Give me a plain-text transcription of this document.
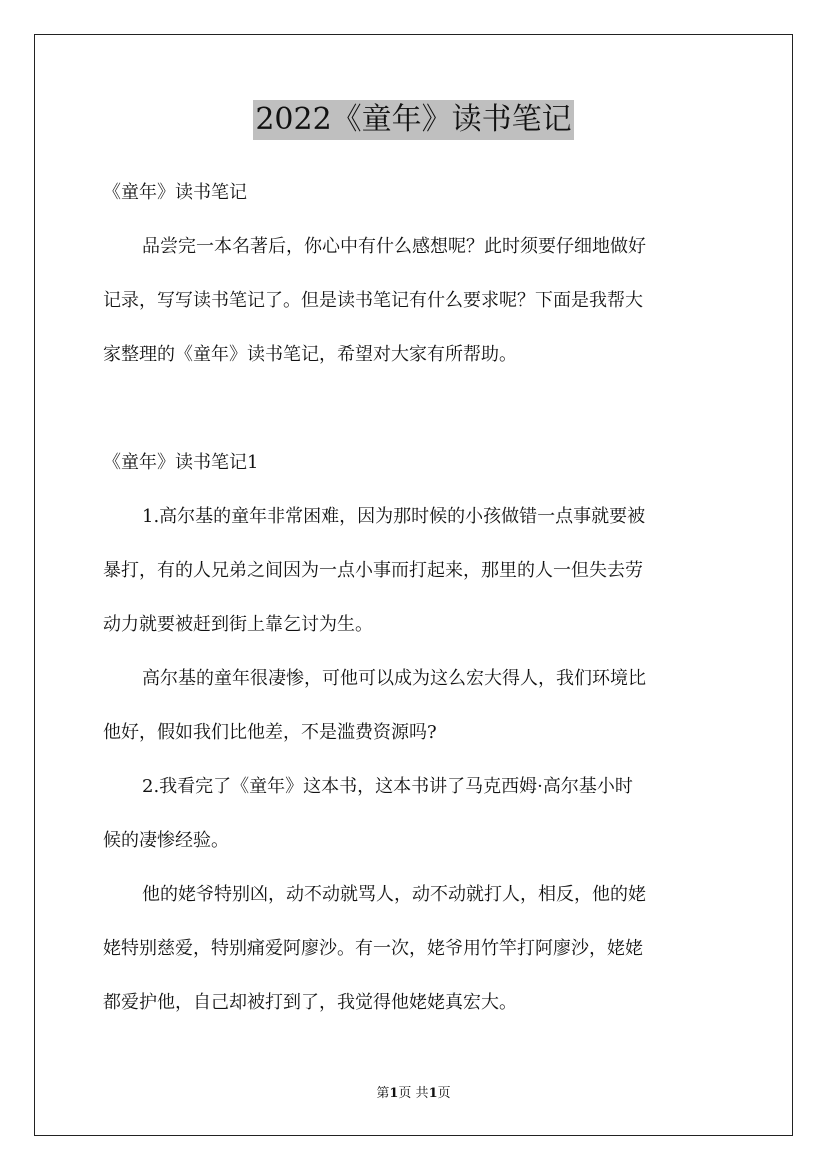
2022《童年》读书笔记
《童年》读书笔记
品尝完一本名著后，你心中有什么感想呢？此时须要仔细地做好
记录，写写读书笔记了。但是读书笔记有什么要求呢？下面是我帮大
家整理的《童年》读书笔记，希望对大家有所帮助。
《童年》读书笔记1
1.高尔基的童年非常困难，因为那时候的小孩做错一点事就要被
暴打，有的人兄弟之间因为一点小事而打起来，那里的人一但失去劳
动力就要被赶到街上靠乞讨为生。
高尔基的童年很凄惨，可他可以成为这么宏大得人，我们环境比
他好，假如我们比他差，不是滥费资源吗?
2.我看完了《童年》这本书，这本书讲了马克西姆·高尔基小时
候的凄惨经验。
他的姥爷特别凶，动不动就骂人，动不动就打人，相反，他的姥
姥特别慈爱，特别痛爱阿廖沙。有一次，姥爷用竹竿打阿廖沙，姥姥
都爱护他，自己却被打到了，我觉得他姥姥真宏大。
第1页 共1页
